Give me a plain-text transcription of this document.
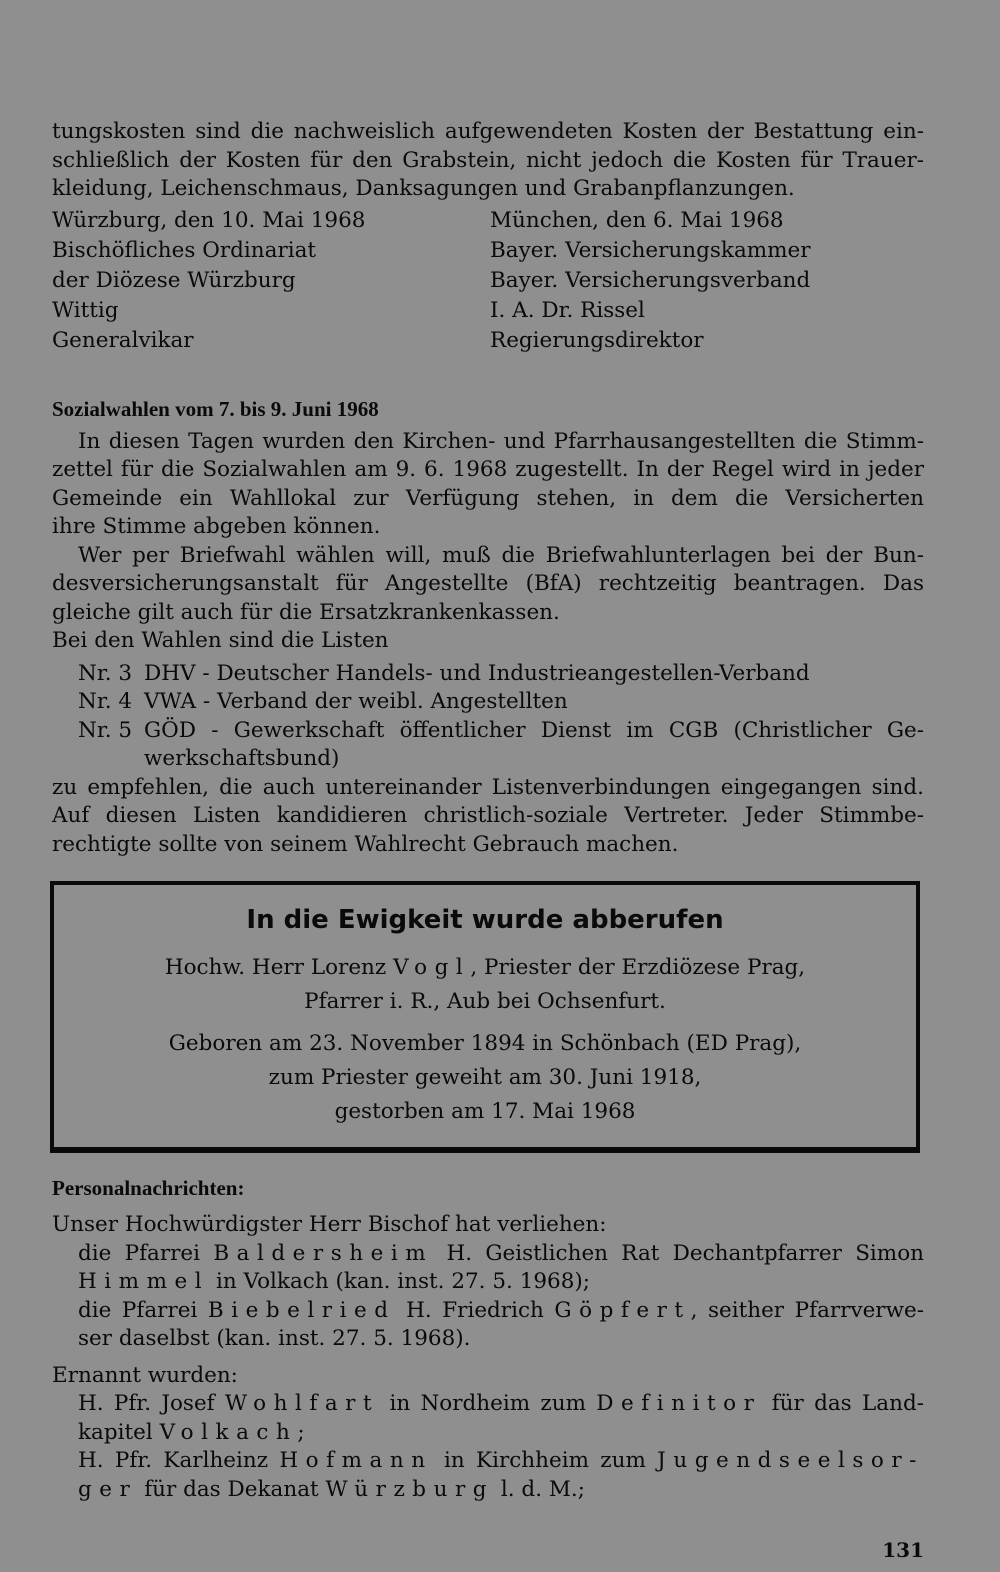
tungskosten sind die nachweislich aufgewendeten Kosten der Bestattung ein-
schließlich der Kosten für den Grabstein, nicht jedoch die Kosten für Trauer-
kleidung, Leichenschmaus, Danksagungen und Grabanpflanzungen.

Würzburg, den 10. Mai 1968	München, den 6. Mai 1968
Bischöfliches Ordinariat	Bayer. Versicherungskammer
der Diözese Würzburg	Bayer. Versicherungsverband
Wittig	I. A. Dr. Rissel
Generalvikar	Regierungsdirektor
Sozialwahlen vom 7. bis 9. Juni 1968

In diesen Tagen wurden den Kirchen- und Pfarrhausangestellten die Stimm-
zettel für die Sozialwahlen am 9. 6. 1968 zugestellt. In der Regel wird in jeder
Gemeinde ein Wahllokal zur Verfügung stehen, in dem die Versicherten
ihre Stimme abgeben können.

Wer per Briefwahl wählen will, muß die Briefwahlunterlagen bei der Bun-
desversicherungsanstalt für Angestellte (BfA) rechtzeitig beantragen. Das
gleiche gilt auch für die Ersatzkrankenkassen.

Bei den Wahlen sind die Listen

Nr. 3 DHV - Deutscher Handels- und Industrieangestellen-Verband
Nr. 4 VWA - Verband der weibl. Angestellten
Nr. 5 GÖD - Gewerkschaft öffentlicher Dienst im CGB (Christlicher Ge-
werkschaftsbund)

zu empfehlen, die auch untereinander Listenverbindungen eingegangen sind.
Auf diesen Listen kandidieren christlich-soziale Vertreter. Jeder Stimmbe-
rechtigte sollte von seinem Wahlrecht Gebrauch machen.

In die Ewigkeit wurde abberufen
Hochw. Herr Lorenz Vogl, Priester der Erzdiözese Prag,
Pfarrer i. R., Aub bei Ochsenfurt.
Geboren am 23. November 1894 in Schönbach (ED Prag),
zum Priester geweiht am 30. Juni 1918,
gestorben am 17. Mai 1968
Personalnachrichten:

Unser Hochwürdigster Herr Bischof hat verliehen:

die Pfarrei Baldersheim H. Geistlichen Rat Dechantpfarrer Simon
Himmel in Volkach (kan. inst. 27. 5. 1968);
die Pfarrei Biebelried H. Friedrich Göpfert, seither Pfarrverwe-
ser daselbst (kan. inst. 27. 5. 1968).

Ernannt wurden:

H. Pfr. Josef Wohlfart in Nordheim zum Definitor für das Land-
kapitel Volkach;
H. Pfr. Karlheinz Hofmann in Kirchheim zum Jugendseelsor-
ger für das Dekanat Würzburg l. d. M.;
131
